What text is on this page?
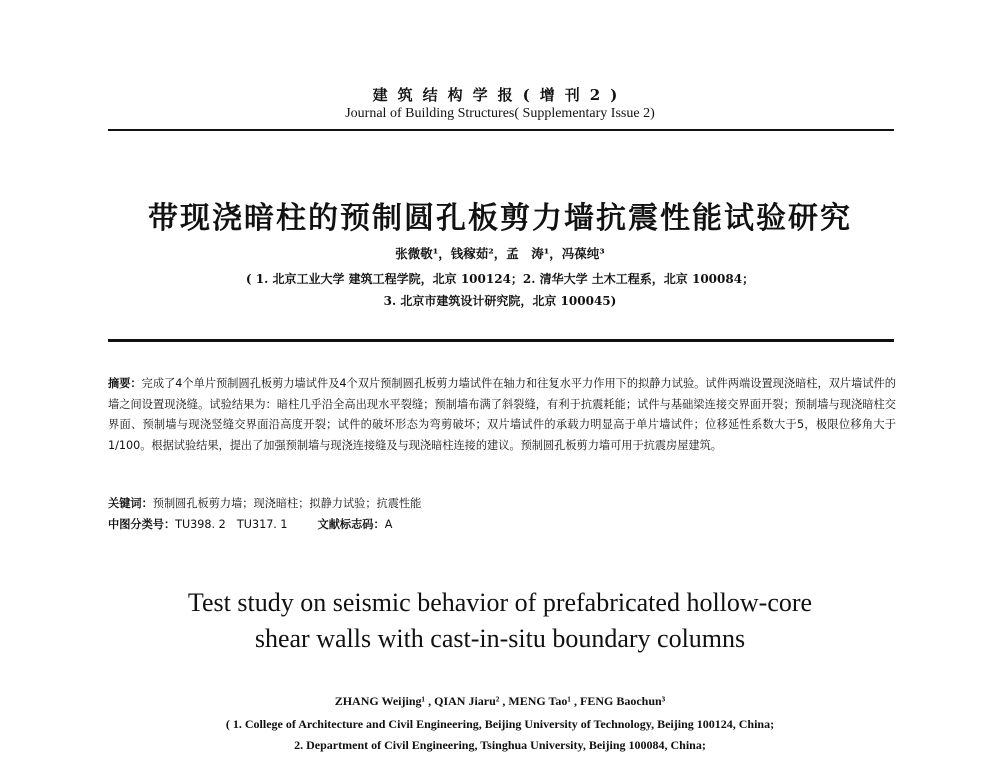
建筑结构学报(增刊2)
Journal of Building Structures( Supplementary Issue 2)
带现浇暗柱的预制圆孔板剪力墙抗震性能试验研究
张微敬¹，钱稼茹²，孟　涛¹，冯葆纯³
( 1. 北京工业大学 建筑工程学院，北京 100124；2. 清华大学 土木工程系，北京 100084；
3. 北京市建筑设计研究院，北京 100045)
摘要：完成了4个单片预制圆孔板剪力墙试件及4个双片预制圆孔板剪力墙试件在轴力和往复水平力作用下的拟静力试验。试件两端设置现浇暗柱，双片墙试件的墙之间设置现浇缝。试验结果为：暗柱几乎沿全高出现水平裂缝；预制墙布满了斜裂缝，有利于抗震耗能；试件与基础梁连接交界面开裂；预制墙与现浇暗柱交界面、预制墙与现浇竖缝交界面沿高度开裂；试件的破坏形态为弯剪破坏；双片墙试件的承载力明显高于单片墙试件；位移延性系数大于5，极限位移角大于1/100。根据试验结果，提出了加强预制墙与现浇连接缝及与现浇暗柱连接的建议。预制圆孔板剪力墙可用于抗震房屋建筑。
关键词：预制圆孔板剪力墙；现浇暗柱；拟静力试验；抗震性能
中图分类号：TU398. 2　TU317. 1	文献标志码：A
Test study on seismic behavior of prefabricated hollow-core
shear walls with cast-in-situ boundary columns
ZHANG Weijing¹ , QIAN Jiaru² , MENG Tao¹ , FENG Baochun³
( 1. College of Architecture and Civil Engineering, Beijing University of Technology, Beijing 100124, China;
2. Department of Civil Engineering, Tsinghua University, Beijing 100084, China;
